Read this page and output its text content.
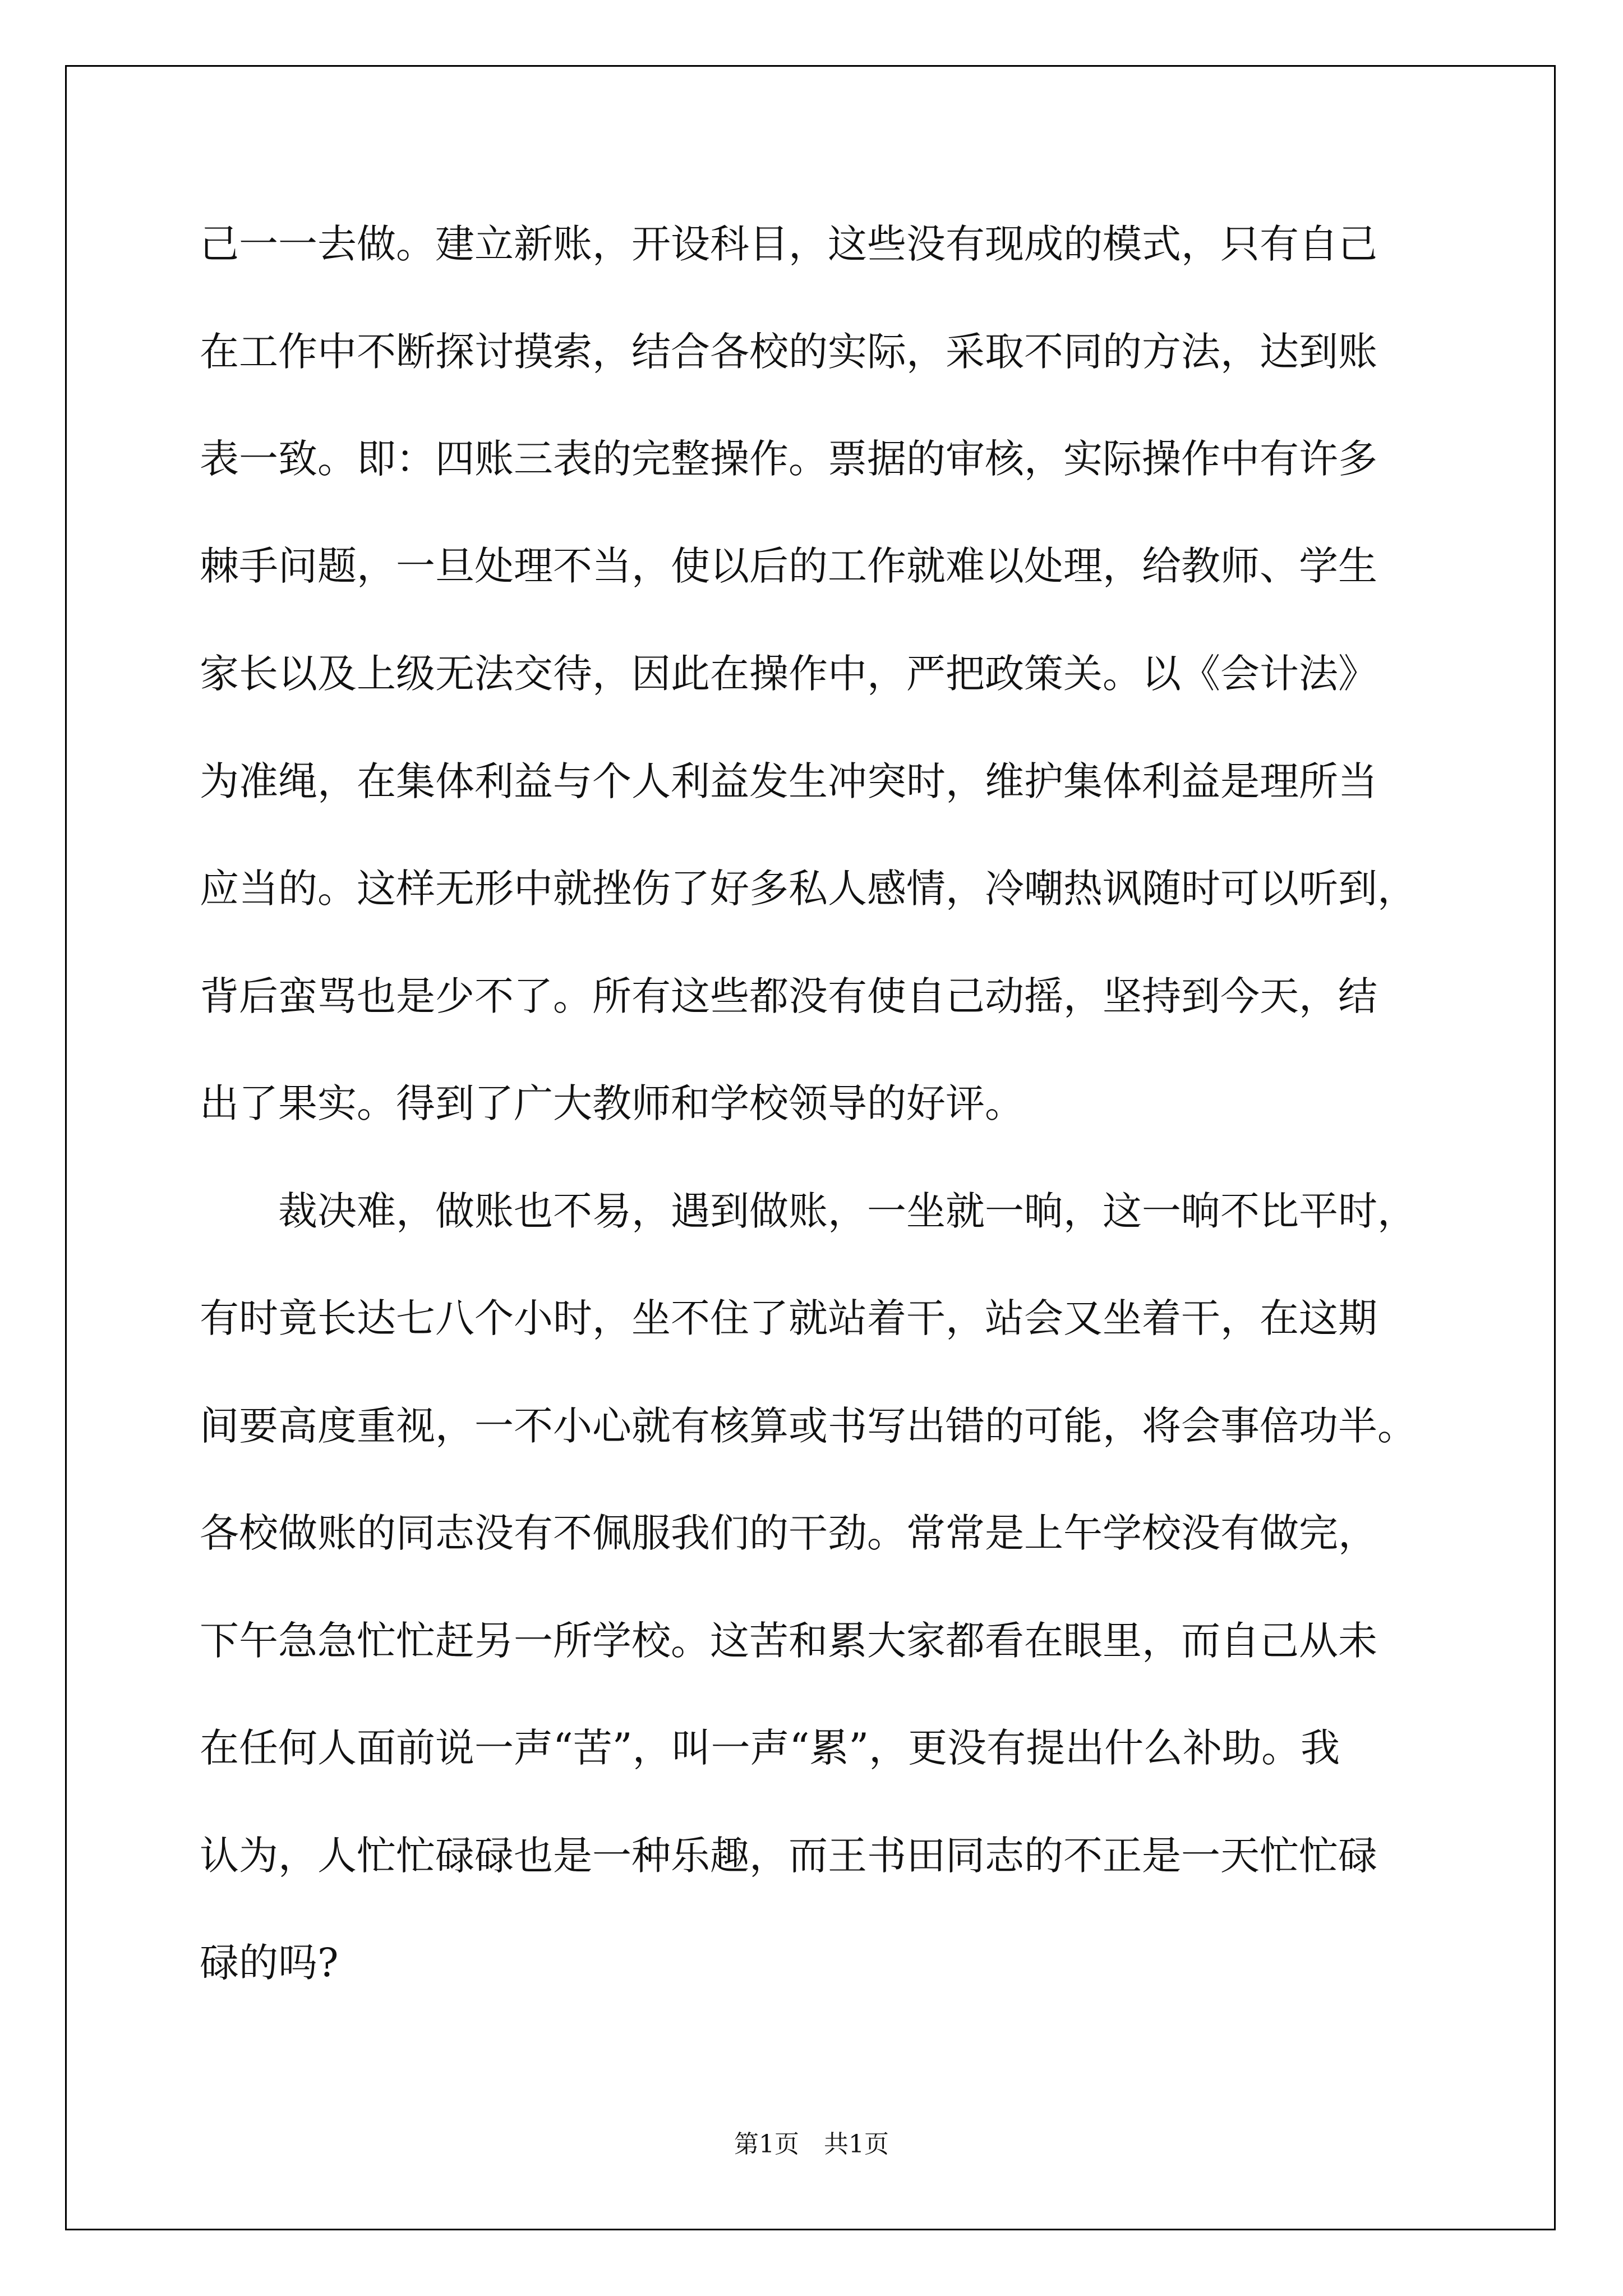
己一一去做。建立新账，开设科目，这些没有现成的模式，只有自己
在工作中不断探讨摸索，结合各校的实际，采取不同的方法，达到账
表一致。即：四账三表的完整操作。票据的审核，实际操作中有许多
棘手问题，一旦处理不当，使以后的工作就难以处理，给教师、学生
家长以及上级无法交待，因此在操作中，严把政策关。以《会计法》
为准绳，在集体利益与个人利益发生冲突时，维护集体利益是理所当
应当的。这样无形中就挫伤了好多私人感情，冷嘲热讽随时可以听到，
背后蛮骂也是少不了。所有这些都没有使自己动摇，坚持到今天，结
出了果实。得到了广大教师和学校领导的好评。
　　裁决难，做账也不易，遇到做账，一坐就一晌，这一晌不比平时，
有时竟长达七八个小时，坐不住了就站着干，站会又坐着干，在这期
间要高度重视，一不小心就有核算或书写出错的可能，将会事倍功半。
各校做账的同志没有不佩服我们的干劲。常常是上午学校没有做完，
下午急急忙忙赶另一所学校。这苦和累大家都看在眼里，而自己从未
在任何人面前说一声“苦”，叫一声“累”，更没有提出什么补助。我
认为，人忙忙碌碌也是一种乐趣，而王书田同志的不正是一天忙忙碌
碌的吗?
第1页　共1页
